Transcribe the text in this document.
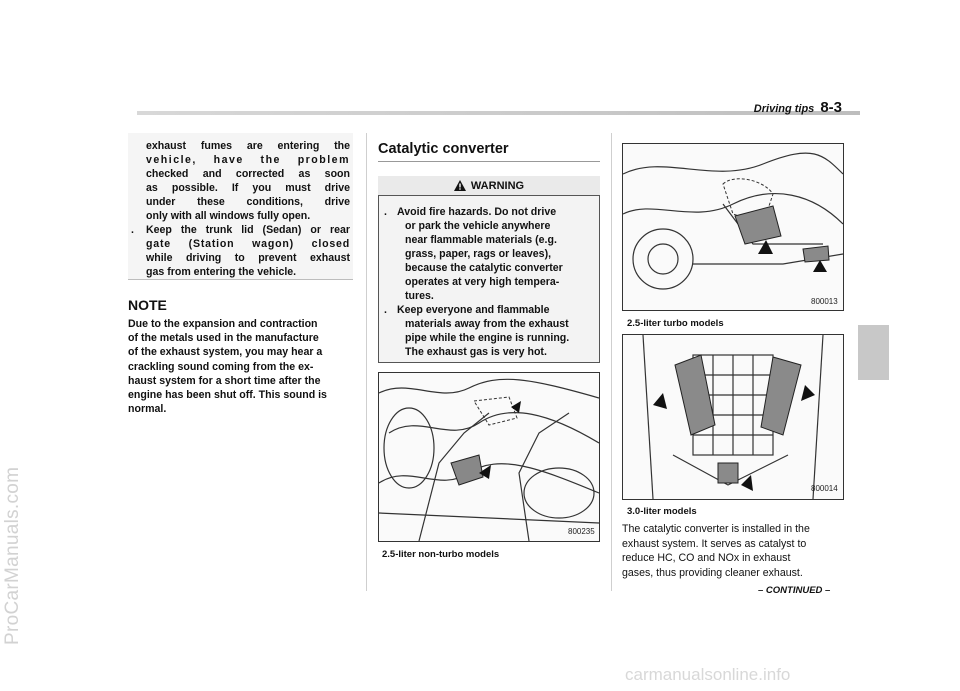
Driving tips 8-3
ProCarManuals.com
carmanualsonline.info
exhaust fumes are entering the
vehicle, have the problem
checked and corrected as soon
as possible. If you must drive
under these conditions, drive
only with all windows fully open.
. Keep the trunk lid (Sedan) or rear
gate (Station wagon) closed
while driving to prevent exhaust
gas from entering the vehicle.
NOTE
Due to the expansion and contraction
of the metals used in the manufacture
of the exhaust system, you may hear a
crackling sound coming from the ex-
haust system for a short time after the
engine has been shut off. This sound is
normal.
Catalytic converter
WARNING
. Avoid fire hazards. Do not drive
or park the vehicle anywhere
near flammable materials (e.g.
grass, paper, rags or leaves),
because the catalytic converter
operates at very high tempera-
tures.
. Keep everyone and flammable
materials away from the exhaust
pipe while the engine is running.
The exhaust gas is very hot.
800235
2.5-liter non-turbo models
800013
2.5-liter turbo models
800014
3.0-liter models
The catalytic converter is installed in the
exhaust system. It serves as catalyst to
reduce HC, CO and NOx in exhaust
gases, thus providing cleaner exhaust.
– CONTINUED –
